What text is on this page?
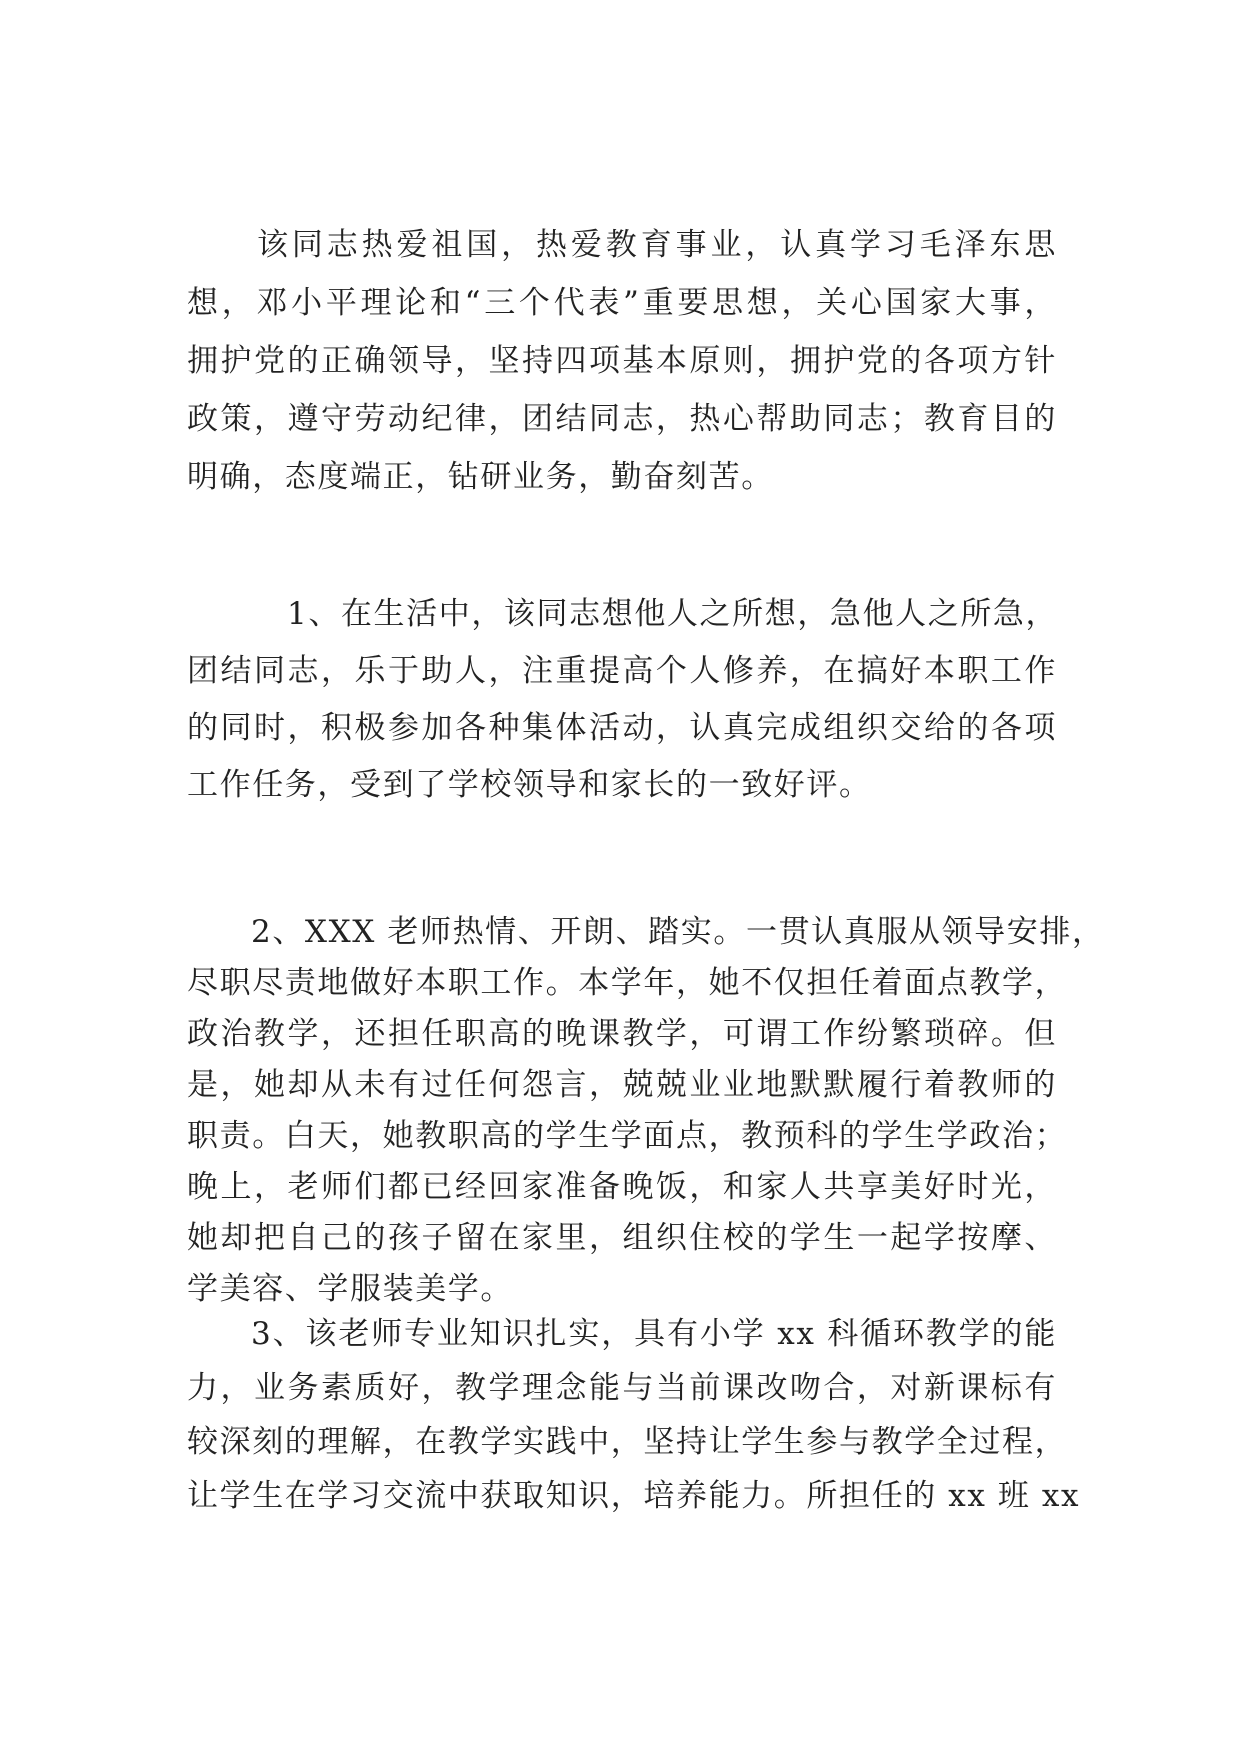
该同志热爱祖国，热爱教育事业，认真学习毛泽东思
想，邓小平理论和“三个代表”重要思想，关心国家大事，
拥护党的正确领导，坚持四项基本原则，拥护党的各项方针
政策，遵守劳动纪律，团结同志，热心帮助同志；教育目的
明确，态度端正，钻研业务，勤奋刻苦。
1、在生活中，该同志想他人之所想，急他人之所急，
团结同志，乐于助人，注重提高个人修养，在搞好本职工作
的同时，积极参加各种集体活动，认真完成组织交给的各项
工作任务，受到了学校领导和家长的一致好评。
2、XXX 老师热情、开朗、踏实。一贯认真服从领导安排，
尽职尽责地做好本职工作。本学年，她不仅担任着面点教学，
政治教学，还担任职高的晚课教学，可谓工作纷繁琐碎。但
是，她却从未有过任何怨言，兢兢业业地默默履行着教师的
职责。白天，她教职高的学生学面点，教预科的学生学政治；
晚上，老师们都已经回家准备晚饭，和家人共享美好时光，
她却把自己的孩子留在家里，组织住校的学生一起学按摩、
学美容、学服装美学。
3、该老师专业知识扎实，具有小学 xx 科循环教学的能
力，业务素质好，教学理念能与当前课改吻合，对新课标有
较深刻的理解，在教学实践中，坚持让学生参与教学全过程，
让学生在学习交流中获取知识，培养能力。所担任的 xx 班 xx
